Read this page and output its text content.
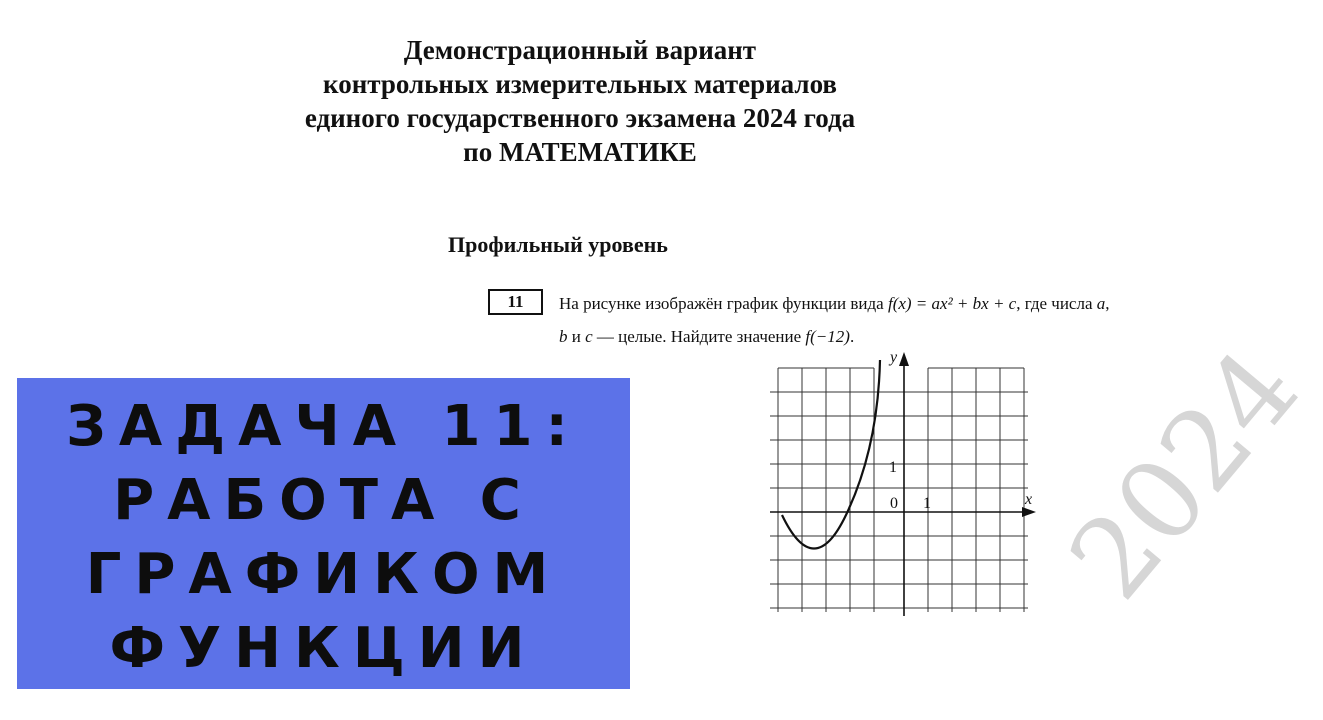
Демонстрационный вариант
контрольных измерительных материалов
единого государственного экзамена 2024 года
по МАТЕМАТИКЕ
Профильный уровень
11	На рисунке изображён график функции вида f(x) = ax² + bx + c, где числа a,
b и c — целые. Найдите значение f(−12).
y
x
0 1
1 2024
ЗАДАЧА 11:
РАБОТА С
ГРАФИКОМ
ФУНКЦИИ
